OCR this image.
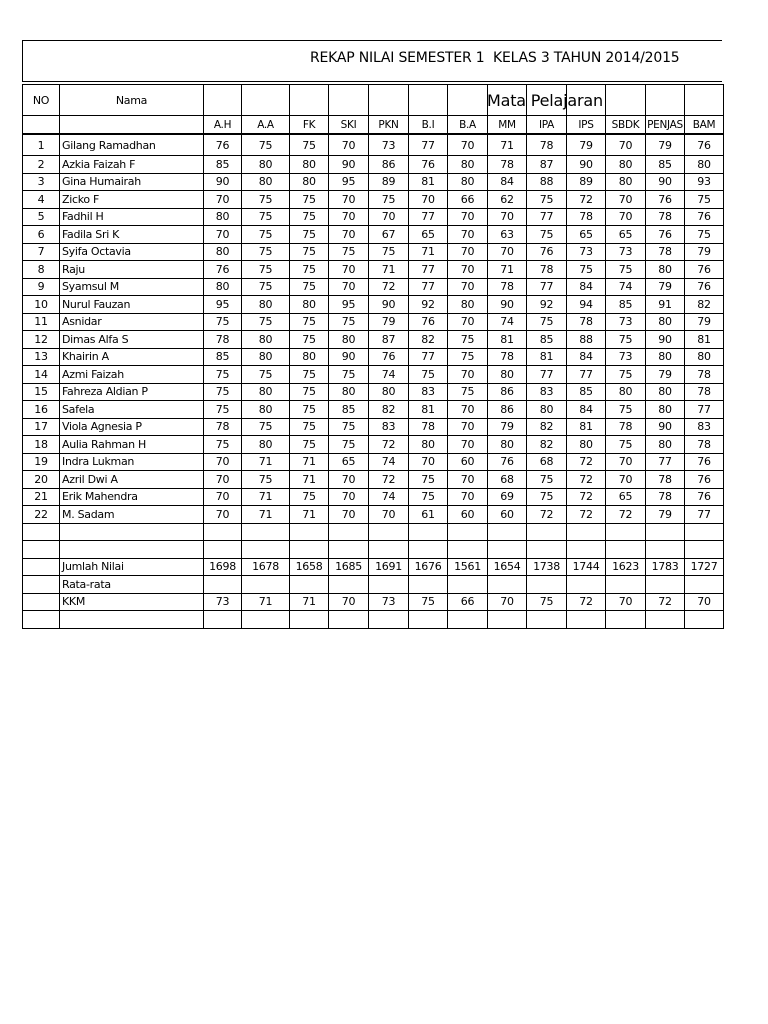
REKAP NILAI SEMESTER 1  KELAS 3 TAHUN 2014/2015
NO	Nama													
		A.H	A.A	FK	SKI	PKN	B.I	B.A	MM	IPA	IPS	SBDK	PENJAS	BAM
1	Gilang Ramadhan	76	75	75	70	73	77	70	71	78	79	70	79	76
2	Azkia Faizah F	85	80	80	90	86	76	80	78	87	90	80	85	80
3	Gina Humairah	90	80	80	95	89	81	80	84	88	89	80	90	93
4	Zicko F	70	75	75	70	75	70	66	62	75	72	70	76	75
5	Fadhil H	80	75	75	70	70	77	70	70	77	78	70	78	76
6	Fadila Sri K	70	75	75	70	67	65	70	63	75	65	65	76	75
7	Syifa Octavia	80	75	75	75	75	71	70	70	76	73	73	78	79
8	Raju	76	75	75	70	71	77	70	71	78	75	75	80	76
9	Syamsul M	80	75	75	70	72	77	70	78	77	84	74	79	76
10	Nurul Fauzan	95	80	80	95	90	92	80	90	92	94	85	91	82
11	Asnidar	75	75	75	75	79	76	70	74	75	78	73	80	79
12	Dimas Alfa S	78	80	75	80	87	82	75	81	85	88	75	90	81
13	Khairin A	85	80	80	90	76	77	75	78	81	84	73	80	80
14	Azmi Faizah	75	75	75	75	74	75	70	80	77	77	75	79	78
15	Fahreza Aldian P	75	80	75	80	80	83	75	86	83	85	80	80	78
16	Safela	75	80	75	85	82	81	70	86	80	84	75	80	77
17	Viola Agnesia P	78	75	75	75	83	78	70	79	82	81	78	90	83
18	Aulia Rahman H	75	80	75	75	72	80	70	80	82	80	75	80	78
19	Indra Lukman	70	71	71	65	74	70	60	76	68	72	70	77	76
20	Azril Dwi A	70	75	71	70	72	75	70	68	75	72	70	78	76
21	Erik Mahendra	70	71	75	70	74	75	70	69	75	72	65	78	76
22	M. Sadam	70	71	71	70	70	61	60	60	72	72	72	79	77

	Jumlah Nilai	1698	1678	1658	1685	1691	1676	1561	1654	1738	1744	1623	1783	1727
	Rata-rata													
	KKM	73	71	71	70	73	75	66	70	75	72	70	72	70

Mata Pelajaran
